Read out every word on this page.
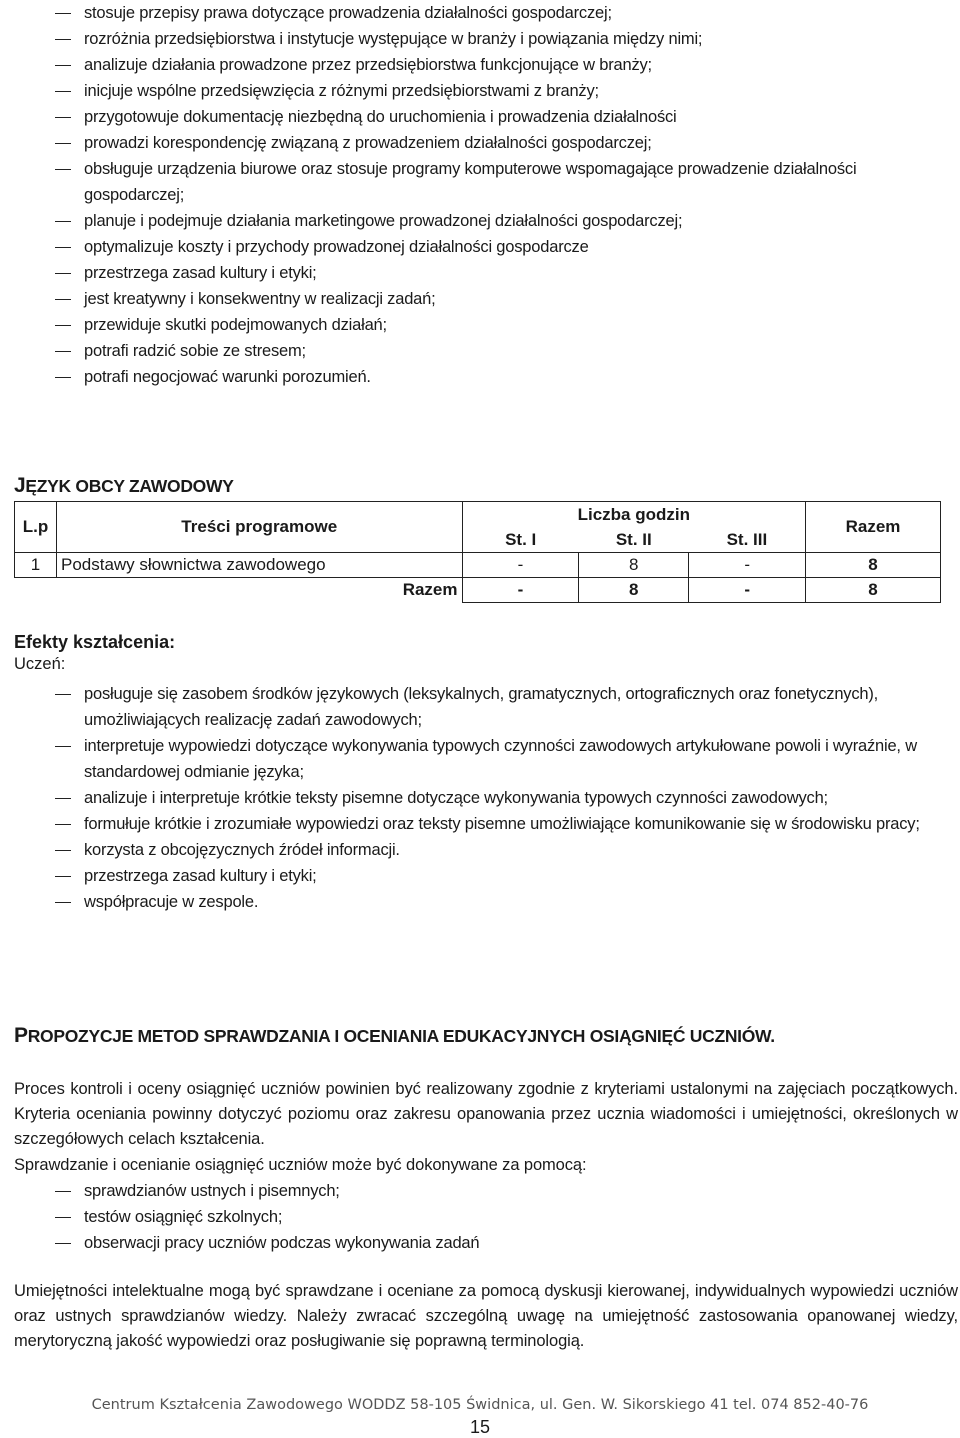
stosuje przepisy prawa dotyczące prowadzenia działalności gospodarczej;
rozróżnia przedsiębiorstwa i instytucje występujące w branży i powiązania między nimi;
analizuje działania prowadzone przez przedsiębiorstwa funkcjonujące w branży;
inicjuje wspólne przedsięwzięcia z różnymi przedsiębiorstwami z branży;
przygotowuje dokumentację niezbędną do uruchomienia i prowadzenia działalności
prowadzi korespondencję związaną z prowadzeniem działalności gospodarczej;
obsługuje urządzenia biurowe oraz stosuje programy komputerowe wspomagające prowadzenie działalności gospodarczej;
planuje i podejmuje działania marketingowe prowadzonej działalności gospodarczej;
optymalizuje koszty i przychody prowadzonej działalności gospodarcze
przestrzega zasad kultury i etyki;
jest kreatywny i konsekwentny w realizacji zadań;
przewiduje skutki podejmowanych działań;
potrafi radzić sobie ze stresem;
potrafi negocjować warunki porozumień.
JĘZYK OBCY ZAWODOWY
L.p	Treści programowe	Liczba godzin			Razem
		St. I	St. II	St. III	
1	Podstawy słownictwa zawodowego	-	8	-	8
	Razem	-	8	-	8
Efekty kształcenia:
Uczeń:
posługuje się zasobem środków językowych (leksykalnych, gramatycznych, ortograficznych oraz fonetycznych), umożliwiających realizację zadań zawodowych;
interpretuje wypowiedzi dotyczące wykonywania typowych czynności zawodowych artykułowane powoli i wyraźnie, w standardowej odmianie języka;
analizuje i interpretuje krótkie teksty pisemne dotyczące wykonywania typowych czynności zawodowych;
formułuje krótkie i zrozumiałe wypowiedzi oraz teksty pisemne umożliwiające komunikowanie się w środowisku pracy;
korzysta z obcojęzycznych źródeł informacji.
przestrzega zasad kultury i etyki;
współpracuje w zespole.
PROPOZYCJE METOD SPRAWDZANIA I OCENIANIA EDUKACYJNYCH OSIĄGNIĘĆ UCZNIÓW.

Proces kontroli i oceny osiągnięć uczniów powinien być realizowany zgodnie z kryteriami ustalonymi na zajęciach początkowych. Kryteria oceniania powinny dotyczyć poziomu oraz zakresu opanowania przez ucznia wiadomości i umiejętności, określonych w szczegółowych celach kształcenia.

Sprawdzanie i ocenianie osiągnięć uczniów może być dokonywane za pomocą:

sprawdzianów ustnych i pisemnych;
testów osiągnięć szkolnych;
obserwacji pracy uczniów podczas wykonywania zadań

Umiejętności intelektualne mogą być sprawdzane i oceniane za pomocą dyskusji kierowanej, indywidualnych wypowiedzi uczniów oraz ustnych sprawdzianów wiedzy. Należy zwracać szczególną uwagę na umiejętność zastosowania opanowanej wiedzy, merytoryczną jakość wypowiedzi oraz posługiwanie się poprawną terminologią.

Centrum Kształcenia Zawodowego WODDZ 58-105 Świdnica, ul. Gen. W. Sikorskiego 41 tel. 074 852-40-76
15
